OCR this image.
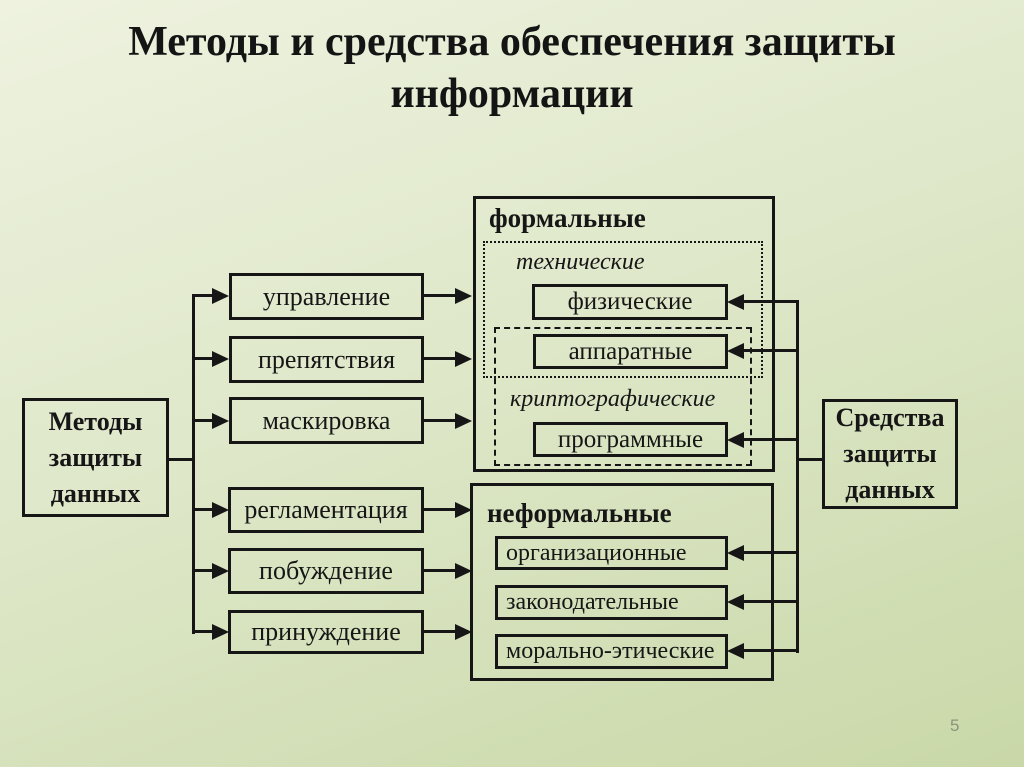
Методы и средства обеспечения защиты
информации
Методы
защиты
данных
Средства
защиты
данных
управление
препятствия
маскировка
регламентация
побуждение
принуждение
формальные
технические
физические
аппаратные
криптографические
программные
неформальные
организационные
законодательные
морально-этические
5
